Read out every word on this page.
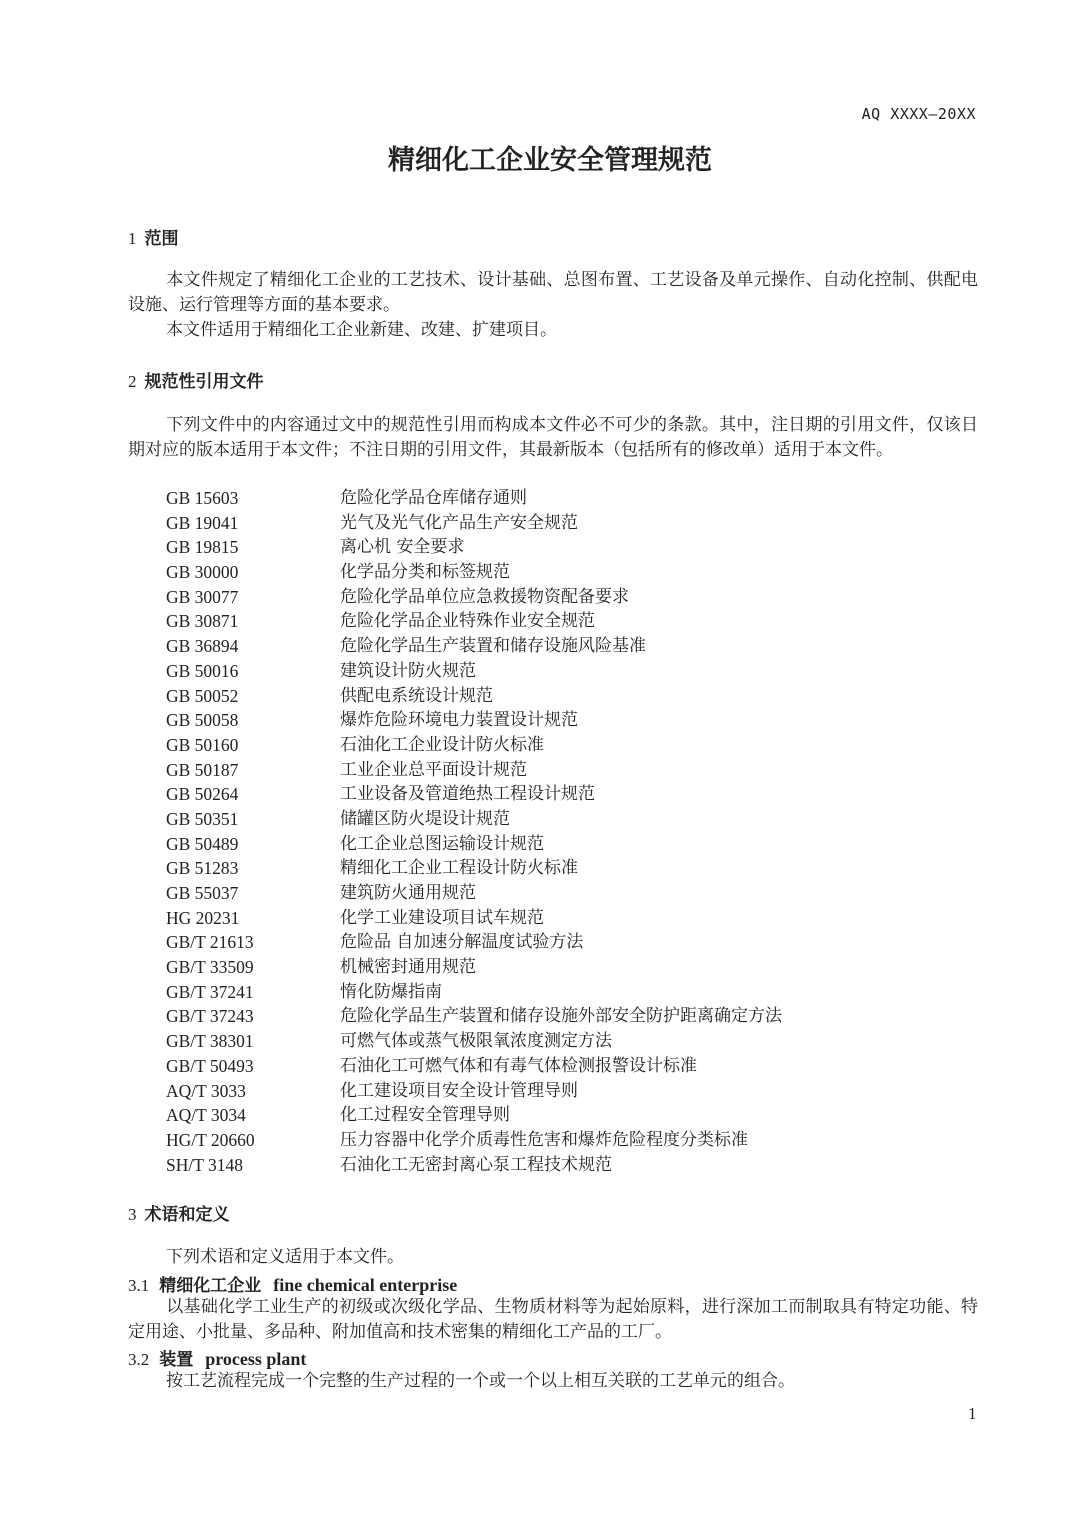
AQ XXXX—20XX
精细化工企业安全管理规范
1 范围
本文件规定了精细化工企业的工艺技术、设计基础、总图布置、工艺设备及单元操作、自动化控制、供配电设施、运行管理等方面的基本要求。
本文件适用于精细化工企业新建、改建、扩建项目。
2 规范性引用文件
下列文件中的内容通过文中的规范性引用而构成本文件必不可少的条款。其中，注日期的引用文件，仅该日期对应的版本适用于本文件；不注日期的引用文件，其最新版本（包括所有的修改单）适用于本文件。
GB 15603	危险化学品仓库储存通则
GB 19041	光气及光气化产品生产安全规范
GB 19815	离心机 安全要求
GB 30000	化学品分类和标签规范
GB 30077	危险化学品单位应急救援物资配备要求
GB 30871	危险化学品企业特殊作业安全规范
GB 36894	危险化学品生产装置和储存设施风险基准
GB 50016	建筑设计防火规范
GB 50052	供配电系统设计规范
GB 50058	爆炸危险环境电力装置设计规范
GB 50160	石油化工企业设计防火标准
GB 50187	工业企业总平面设计规范
GB 50264	工业设备及管道绝热工程设计规范
GB 50351	储罐区防火堤设计规范
GB 50489	化工企业总图运输设计规范
GB 51283	精细化工企业工程设计防火标准
GB 55037	建筑防火通用规范
HG 20231	化学工业建设项目试车规范
GB/T 21613	危险品 自加速分解温度试验方法
GB/T 33509	机械密封通用规范
GB/T 37241	惰化防爆指南
GB/T 37243	危险化学品生产装置和储存设施外部安全防护距离确定方法
GB/T 38301	可燃气体或蒸气极限氧浓度测定方法
GB/T 50493	石油化工可燃气体和有毒气体检测报警设计标准
AQ/T 3033	化工建设项目安全设计管理导则
AQ/T 3034	化工过程安全管理导则
HG/T 20660	压力容器中化学介质毒性危害和爆炸危险程度分类标准
SH/T 3148	石油化工无密封离心泵工程技术规范
3 术语和定义
下列术语和定义适用于本文件。
3.1 精细化工企业 fine chemical enterprise
以基础化学工业生产的初级或次级化学品、生物质材料等为起始原料，进行深加工而制取具有特定功能、特定用途、小批量、多品种、附加值高和技术密集的精细化工产品的工厂。
3.2 装置 process plant
按工艺流程完成一个完整的生产过程的一个或一个以上相互关联的工艺单元的组合。
1
